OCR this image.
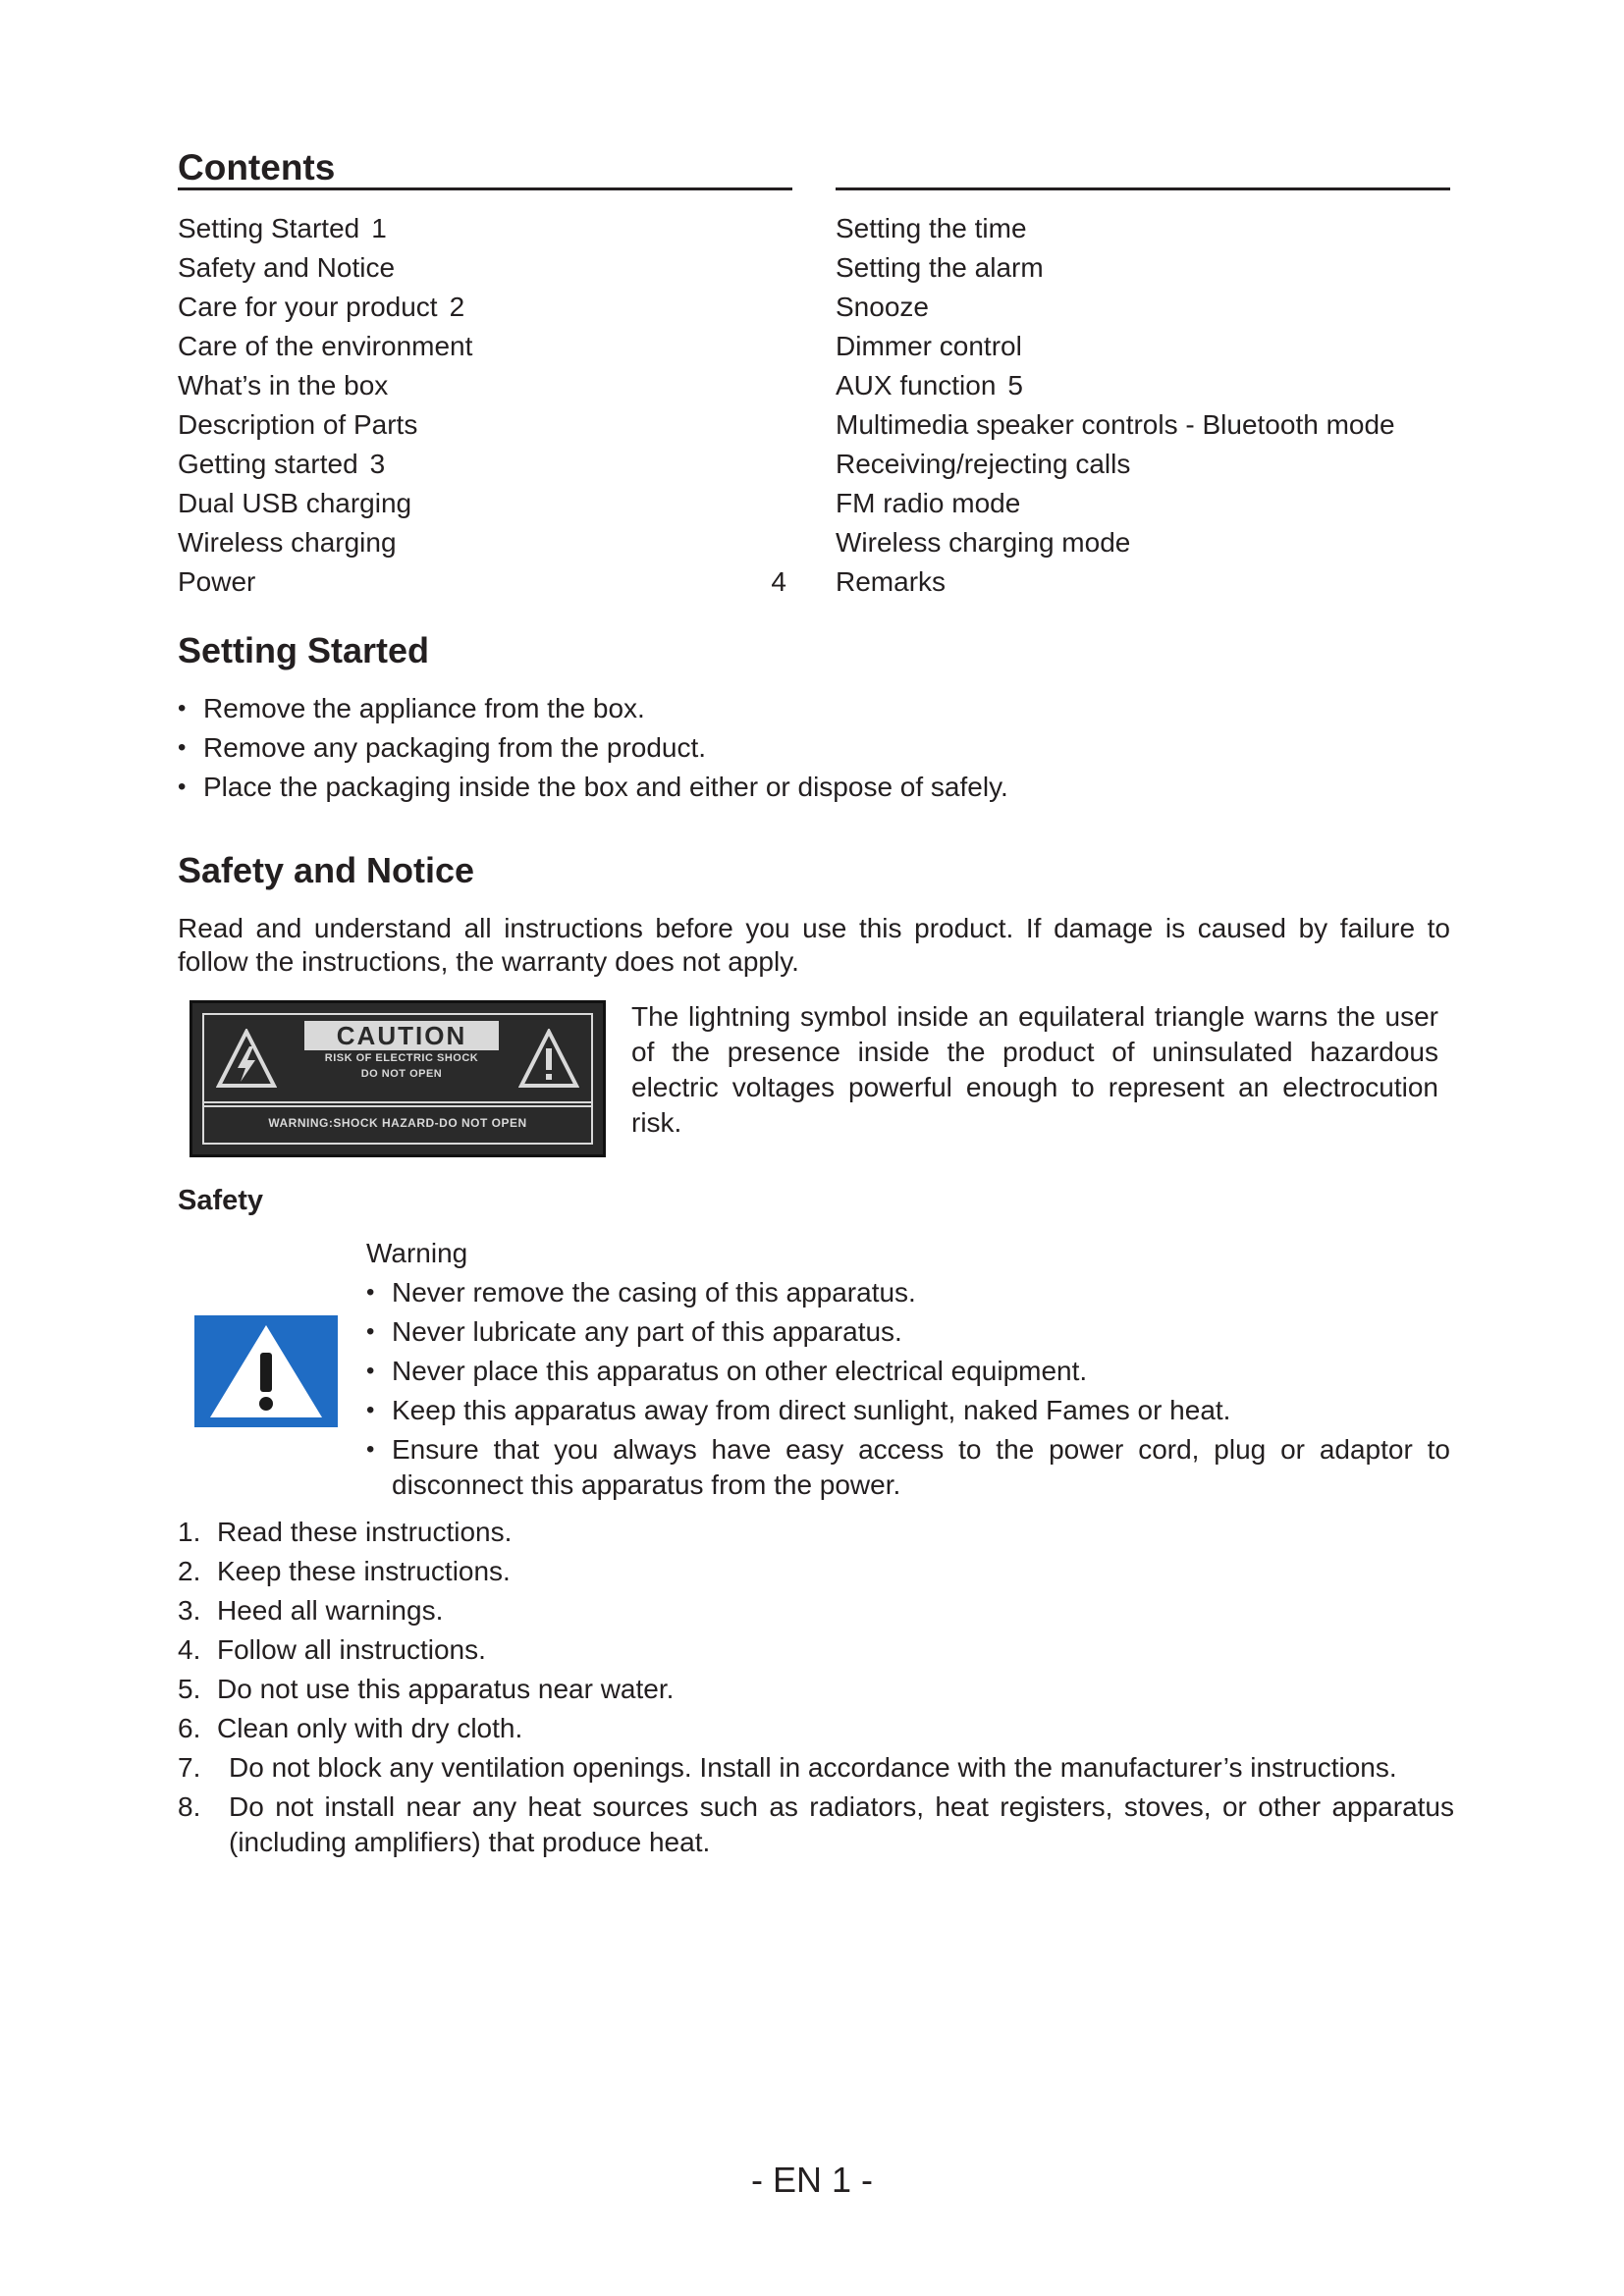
Contents
Setting Started 1
Safety and Notice
Care for your product 2
Care of the environment
What’s in the box
Description of Parts
Getting started 3
Dual USB charging
Wireless charging
Power	4
Setting the time
Setting the alarm
Snooze
Dimmer control
AUX function 5
Multimedia speaker controls - Bluetooth mode
Receiving/rejecting calls
FM radio mode
Wireless charging mode
Remarks
Setting Started
• Remove the appliance from the box.
• Remove any packaging from the product.
• Place the packaging inside the box and either or dispose of safely.
Safety and Notice

Read and understand all instructions before you use this product. If damage is caused by failure to follow the instructions, the warranty does not apply.

CAUTION
RISK OF ELECTRIC SHOCK
DO NOT OPEN
WARNING:SHOCK HAZARD-DO NOT OPEN

The lightning symbol inside an equilateral triangle warns the user of the presence inside the product of uninsulated hazardous electric voltages powerful enough to represent an electrocution risk.

Safety
Warning
• Never remove the casing of this apparatus.
• Never lubricate any part of this apparatus.
• Never place this apparatus on other electrical equipment.
• Keep this apparatus away from direct sunlight, naked Fames or heat.
• Ensure that you always have easy access to the power cord, plug or adaptor to disconnect this apparatus from the power.
1. Read these instructions.
2. Keep these instructions.
3. Heed all warnings.
4. Follow all instructions.
5. Do not use this apparatus near water.
6. Clean only with dry cloth.
7. Do not block any ventilation openings. Install in accordance with the manufacturer’s instructions.
8. Do not install near any heat sources such as radiators, heat registers, stoves, or other apparatus (including amplifiers) that produce heat.
- EN 1 -
